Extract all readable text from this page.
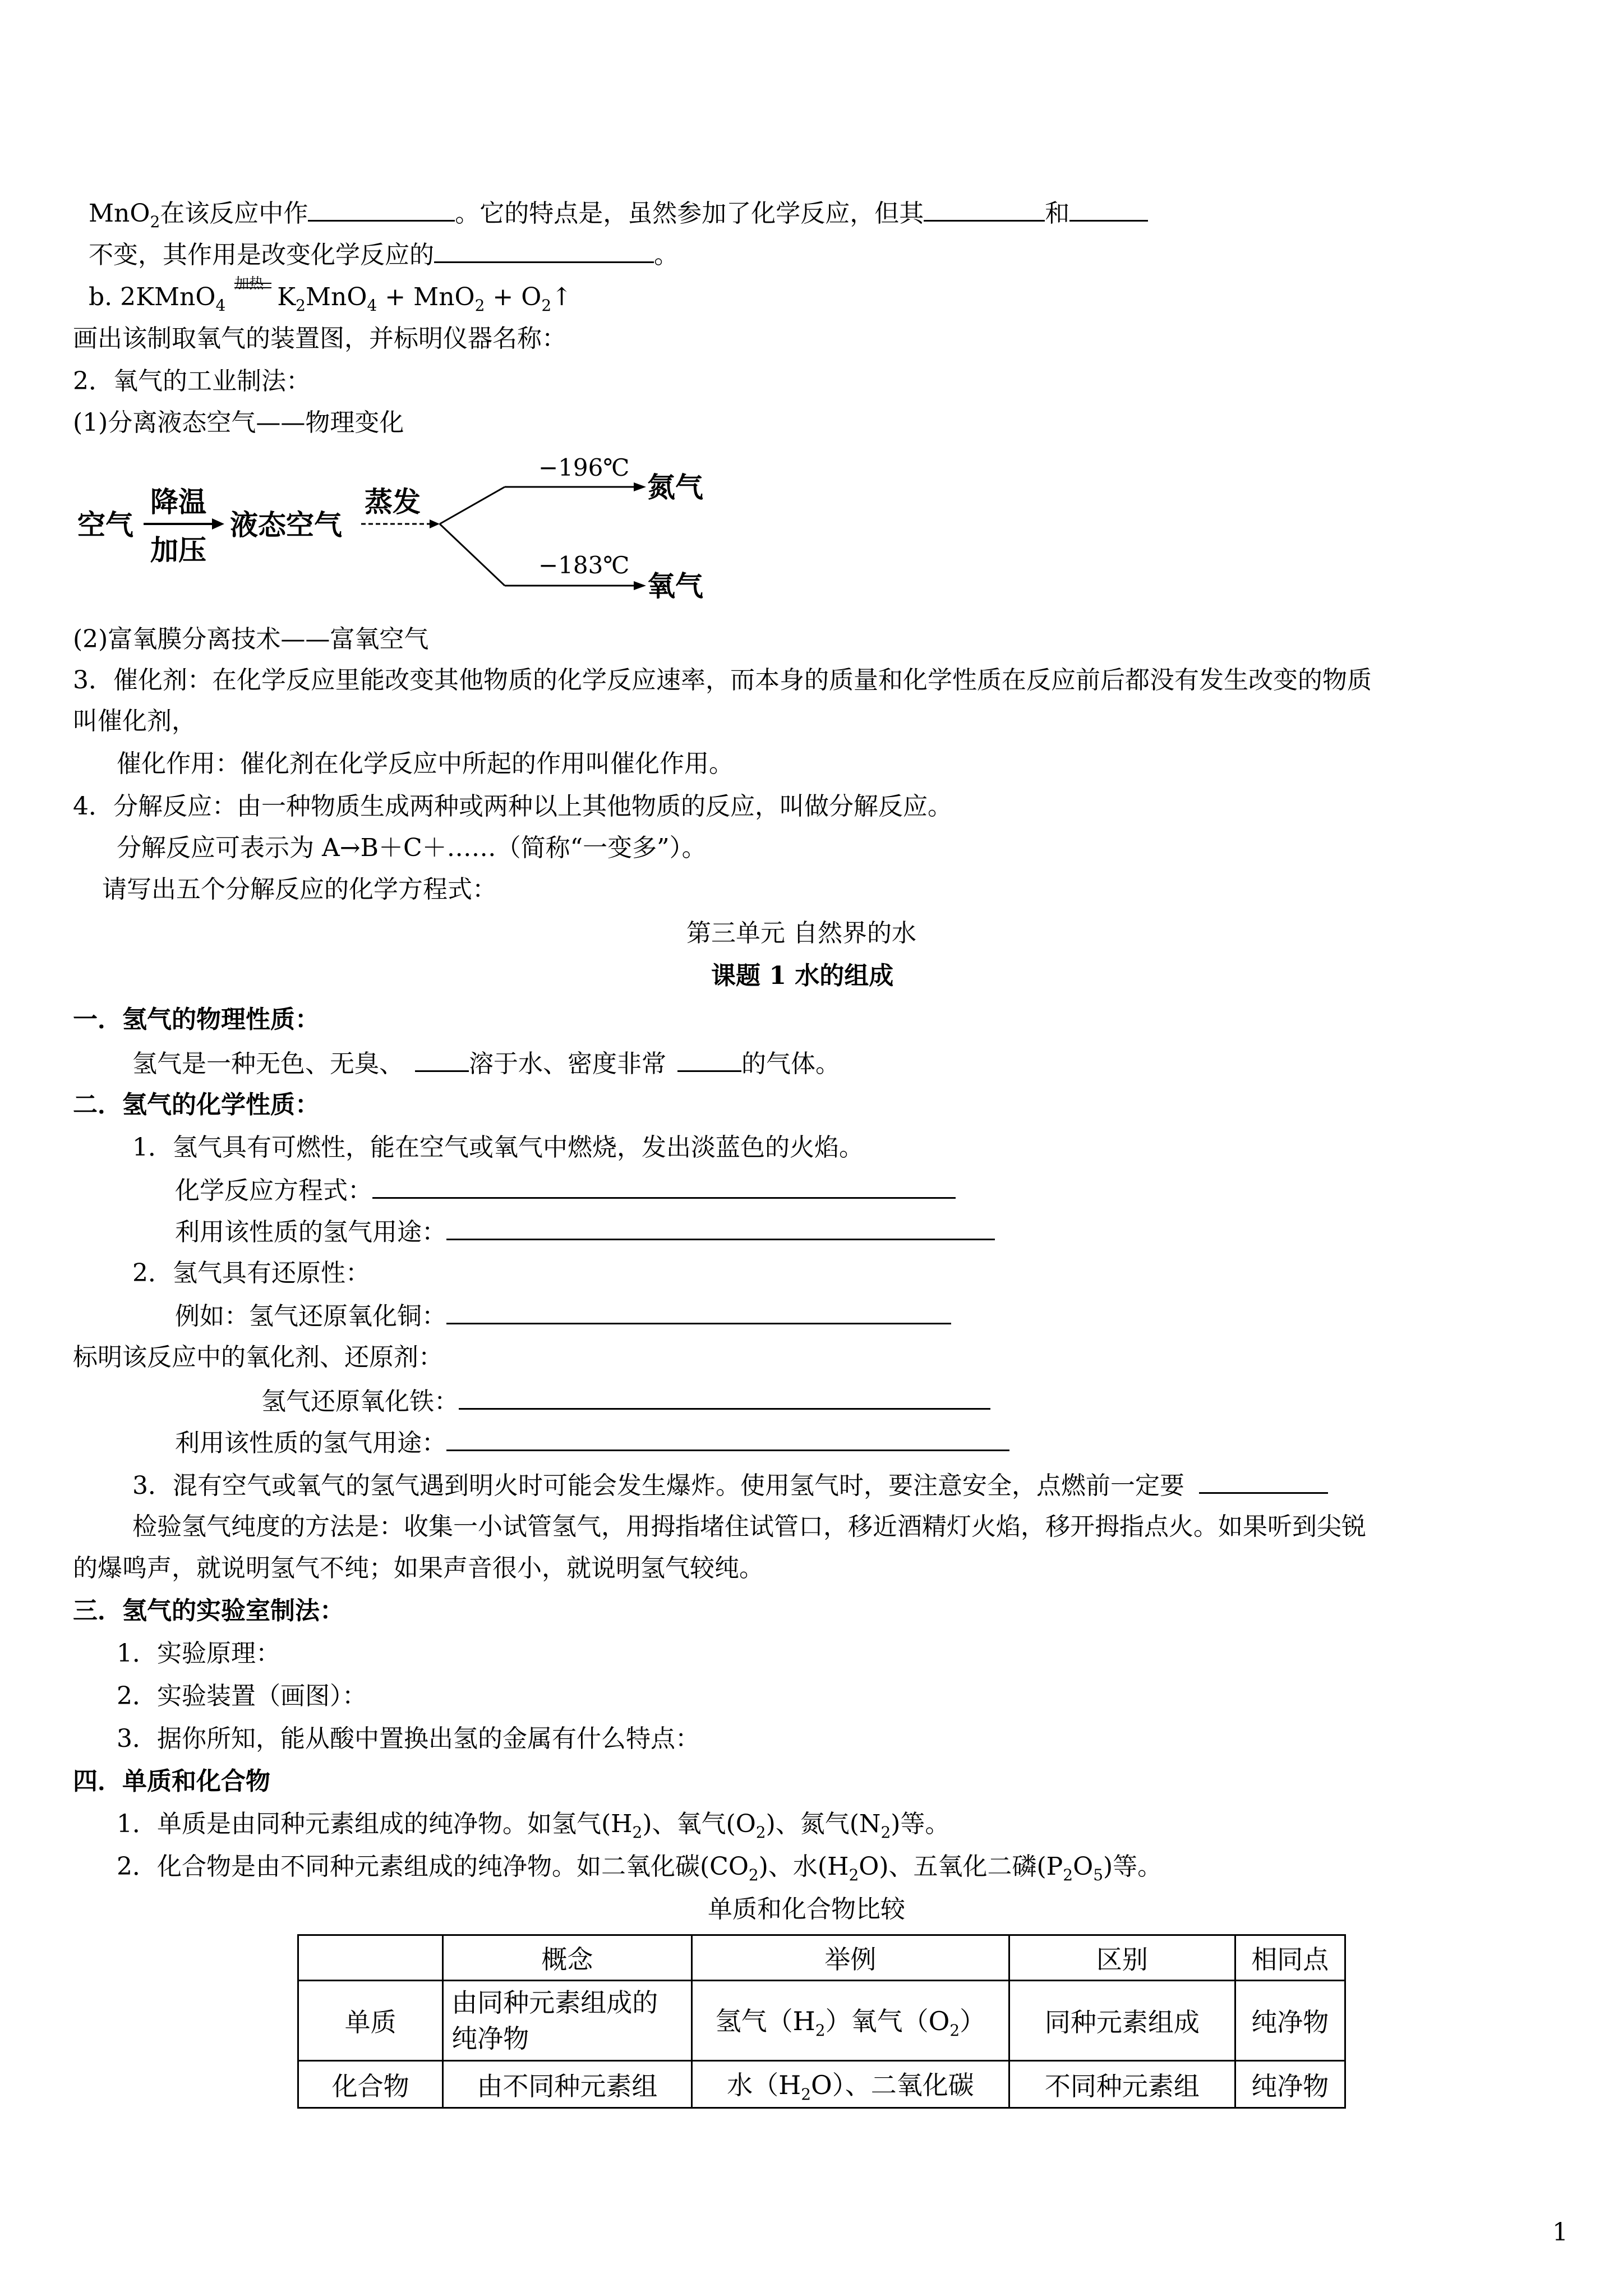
MnO$_2$在该反应中作	。它的特点是，虽然参加了化学反应，但其	和
不变，其作用是改变化学反应的	。
b. 2KMnO$_4$
加热 $K_2MnO_4 + MnO_2$ + $O_2↑$
画出该制取氧气的装置图，并标明仪器名称：
2．氧气的工业制法：
(1)分离液态空气——物理变化
空气
降温
加压
液态空气
蒸发
−196℃
氮气
−183℃
氧气
(2)富氧膜分离技术——富氧空气
3．催化剂：在化学反应里能改变其他物质的化学反应速率，而本身的质量和化学性质在反应前后都没有发生改变的物质
叫催化剂，
催化作用：催化剂在化学反应中所起的作用叫催化作用。
4．分解反应：由一种物质生成两种或两种以上其他物质的反应，叫做分解反应。
分解反应可表示为 A→B＋C＋……（简称“一变多”）。
请写出五个分解反应的化学方程式：
第三单元 自然界的水
课题 1 水的组成
一．氢气的物理性质：
氢气是一种无色、无臭、	溶于水、密度非常	的气体。
二．氢气的化学性质：
1．氢气具有可燃性，能在空气或氧气中燃烧，发出淡蓝色的火焰。
化学反应方程式：
利用该性质的氢气用途：
2．氢气具有还原性：
例如：氢气还原氧化铜：
标明该反应中的氧化剂、还原剂：
氢气还原氧化铁：
利用该性质的氢气用途：
3．混有空气或氧气的氢气遇到明火时可能会发生爆炸。使用氢气时，要注意安全，点燃前一定要
检验氢气纯度的方法是：收集一小试管氢气，用拇指堵住试管口，移近酒精灯火焰，移开拇指点火。如果听到尖锐
的爆鸣声，就说明氢气不纯；如果声音很小，就说明氢气较纯。
三．氢气的实验室制法：
1．实验原理：
2．实验装置（画图）：
3．据你所知，能从酸中置换出氢的金属有什么特点：
四．单质和化合物
1．单质是由同种元素组成的纯净物。如氢气$(H_2)$、氧气$(O_2)$、氮气$(N_2)$等。
2．化合物是由不同种元素组成的纯净物。如二氧化碳$(CO_2)$、水$(H_2O)$、五氧化二磷$(P_2O_5)$等。
单质和化合物比较
	概念	举例	区别	相同点
单质	由同种元素组成的纯净物	氢气$(H_2)$氧气$(O_2)$	同种元素组成	纯净物
化合物	由不同种元素组	水$(H_2O)$、二氧化碳	不同种元素组	纯净物
1
